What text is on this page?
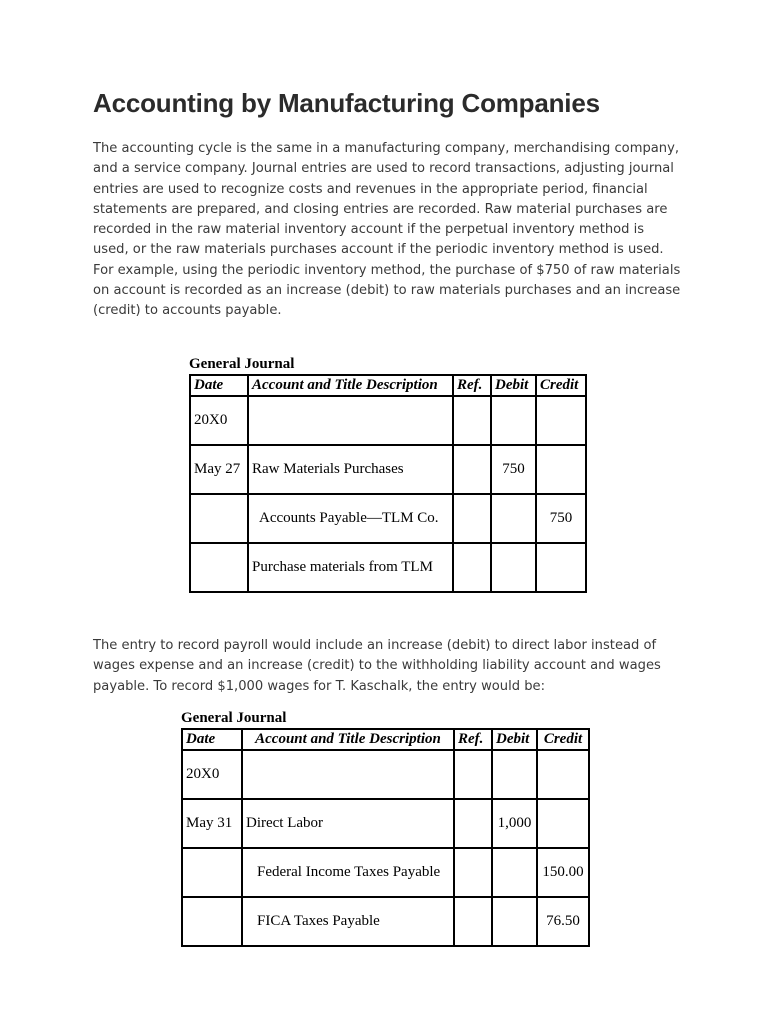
Accounting by Manufacturing Companies

The accounting cycle is the same in a manufacturing company, merchandising company, and a service company. Journal entries are used to record transactions, adjusting journal entries are used to recognize costs and revenues in the appropriate period, financial statements are prepared, and closing entries are recorded. Raw material purchases are recorded in the raw material inventory account if the perpetual inventory method is used, or the raw materials purchases account if the periodic inventory method is used. For example, using the periodic inventory method, the purchase of $750 of raw materials on account is recorded as an increase (debit) to raw materials purchases and an increase (credit) to accounts payable.

General Journal
Date	Account and Title Description	Ref.	Debit	Credit
20X0				
May 27	Raw Materials Purchases		750	
	Accounts Payable—TLM Co.			750
	Purchase materials from TLM			

The entry to record payroll would include an increase (debit) to direct labor instead of wages expense and an increase (credit) to the withholding liability account and wages payable. To record $1,000 wages for T. Kaschalk, the entry would be:

General Journal
Date	Account and Title Description	Ref.	Debit	Credit
20X0				
May 31	Direct Labor		1,000	
	Federal Income Taxes Payable			150.00
	FICA Taxes Payable			76.50
